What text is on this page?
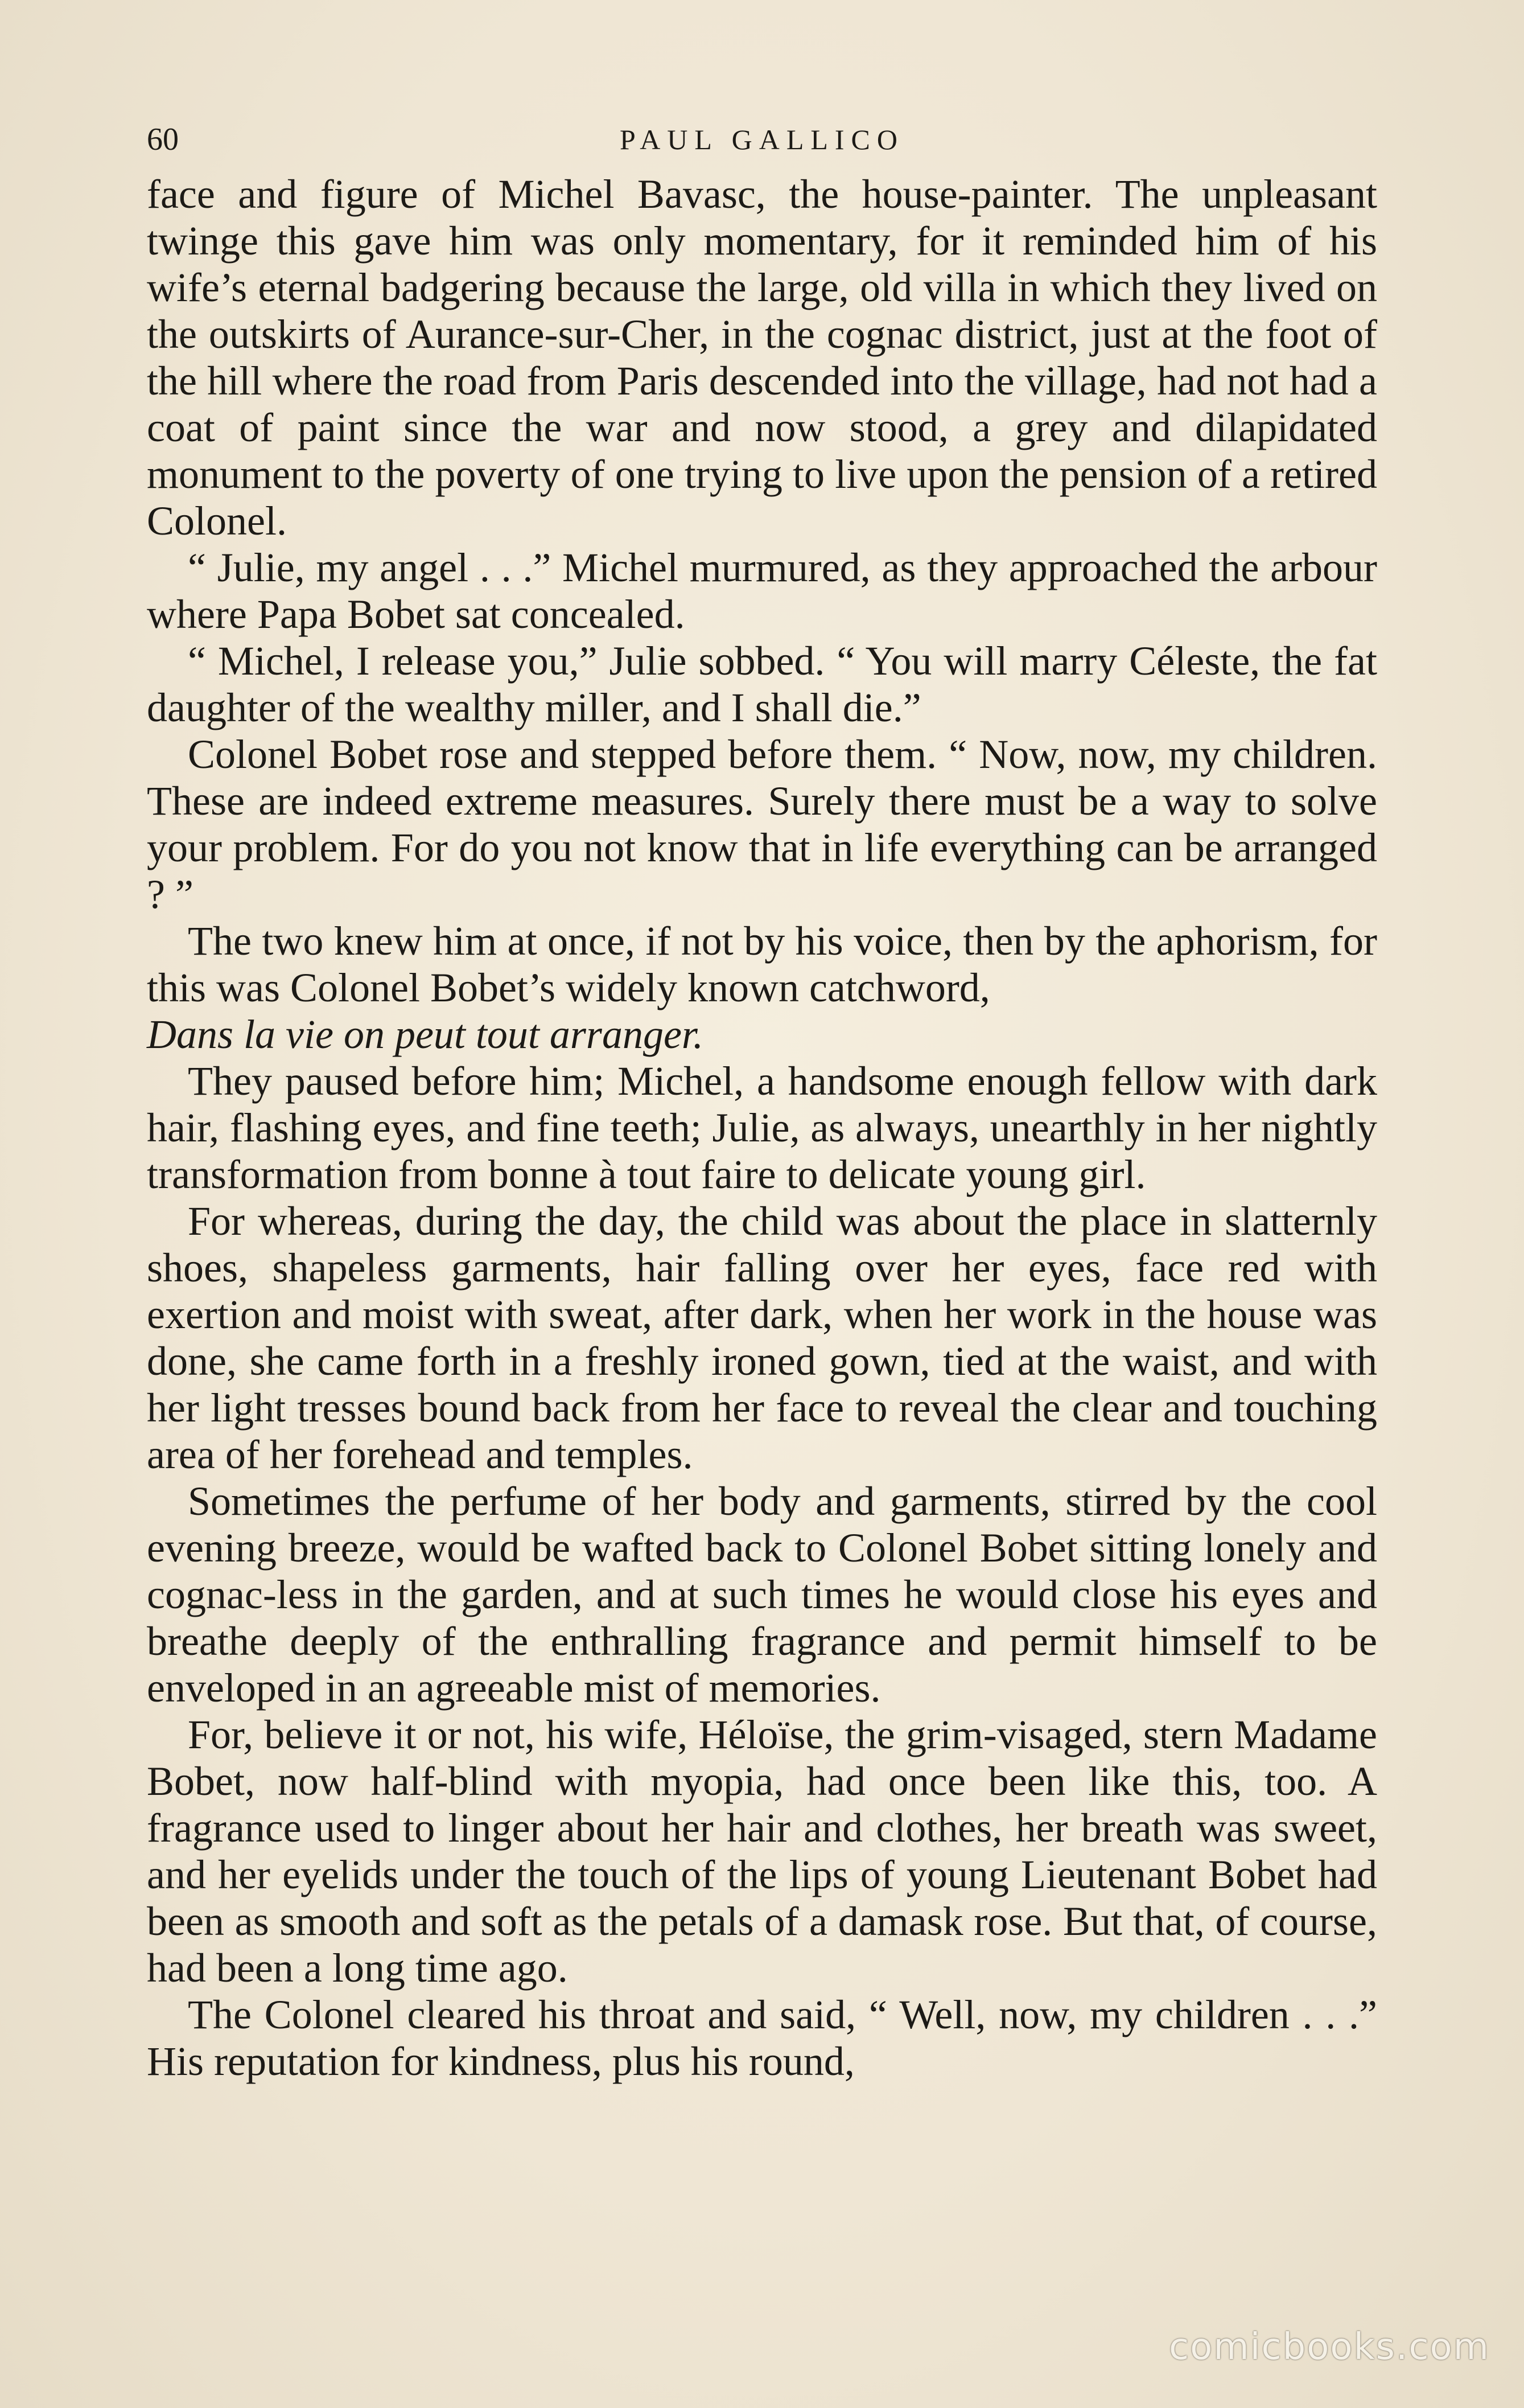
60	PAUL GALLICO

face and figure of Michel Bavasc, the house-painter. The unpleasant twinge this gave him was only momentary, for it reminded him of his wife’s eternal badgering because the large, old villa in which they lived on the outskirts of Aurance-sur-Cher, in the cognac district, just at the foot of the hill where the road from Paris descended into the village, had not had a coat of paint since the war and now stood, a grey and dilapidated monument to the poverty of one trying to live upon the pension of a retired Colonel.

“ Julie, my angel . . .” Michel murmured, as they approached the arbour where Papa Bobet sat concealed.

“ Michel, I release you,” Julie sobbed. “ You will marry Céleste, the fat daughter of the wealthy miller, and I shall die.”

Colonel Bobet rose and stepped before them. “ Now, now, my children. These are indeed extreme measures. Surely there must be a way to solve your problem. For do you not know that in life everything can be arranged ? ”

The two knew him at once, if not by his voice, then by the aphorism, for this was Colonel Bobet’s widely known catchword,

Dans la vie on peut tout arranger.

They paused before him; Michel, a handsome enough fellow with dark hair, flashing eyes, and fine teeth; Julie, as always, unearthly in her nightly transformation from bonne à tout faire to delicate young girl.

For whereas, during the day, the child was about the place in slatternly shoes, shapeless garments, hair falling over her eyes, face red with exertion and moist with sweat, after dark, when her work in the house was done, she came forth in a freshly ironed gown, tied at the waist, and with her light tresses bound back from her face to reveal the clear and touching area of her forehead and temples.

Sometimes the perfume of her body and garments, stirred by the cool evening breeze, would be wafted back to Colonel Bobet sitting lonely and cognac-less in the garden, and at such times he would close his eyes and breathe deeply of the enthralling fragrance and permit himself to be enveloped in an agreeable mist of memories.

For, believe it or not, his wife, Héloïse, the grim-visaged, stern Madame Bobet, now half-blind with myopia, had once been like this, too. A fragrance used to linger about her hair and clothes, her breath was sweet, and her eyelids under the touch of the lips of young Lieutenant Bobet had been as smooth and soft as the petals of a damask rose. But that, of course, had been a long time ago.

The Colonel cleared his throat and said, “ Well, now, my children . . .” His reputation for kindness, plus his round,

comicbooks.com
